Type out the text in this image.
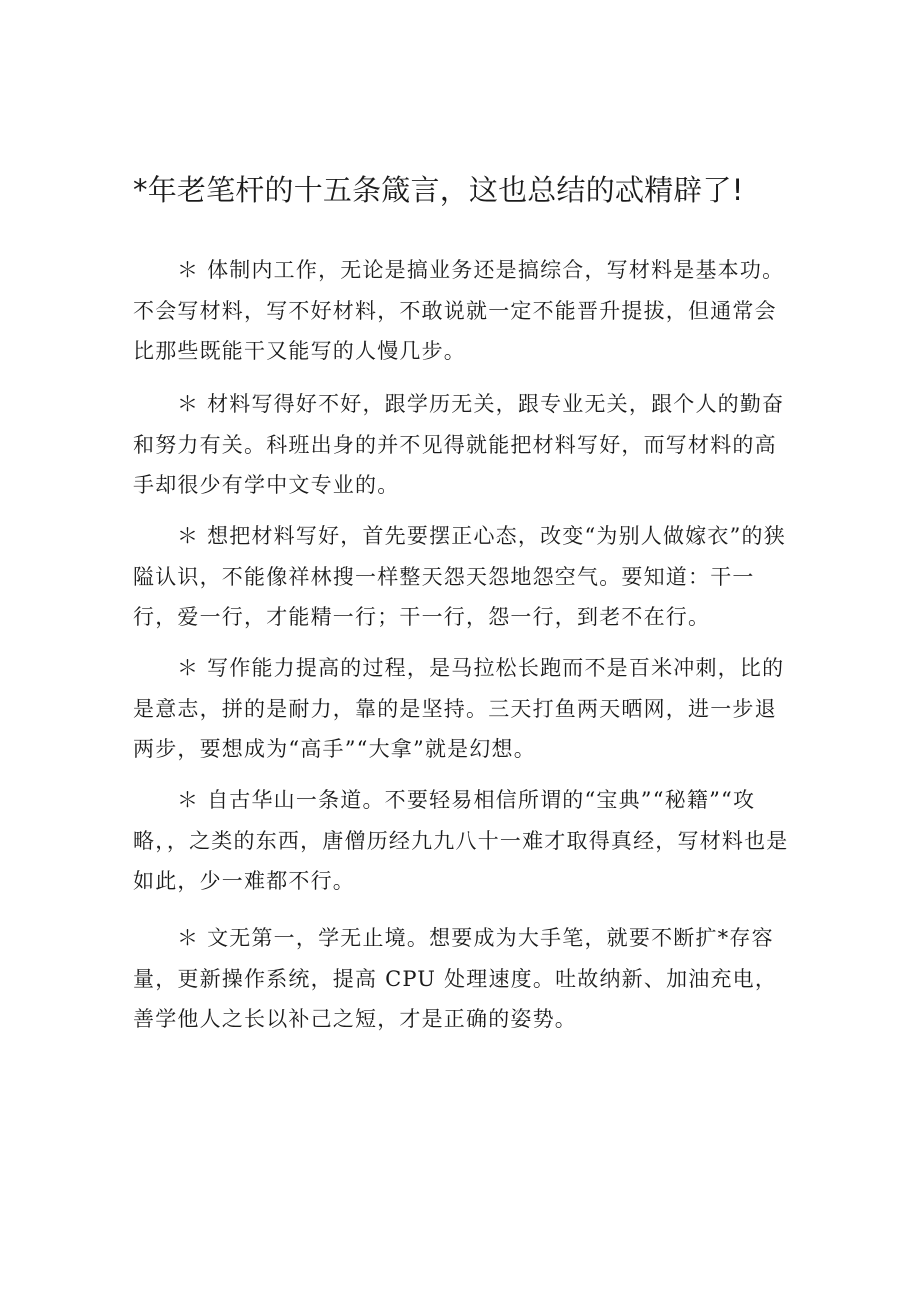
*年老笔杆的十五条箴言，这也总结的忒精辟了!

＊ 体制内工作，无论是搞业务还是搞综合，写材料是基本功。不会写材料，写不好材料，不敢说就一定不能晋升提拔，但通常会比那些既能干又能写的人慢几步。

＊ 材料写得好不好，跟学历无关，跟专业无关，跟个人的勤奋和努力有关。科班出身的并不见得就能把材料写好，而写材料的高手却很少有学中文专业的。

＊ 想把材料写好，首先要摆正心态，改变“为别人做嫁衣”的狭隘认识，不能像祥林搜一样整天怨天怨地怨空气。要知道：干一行，爱一行，才能精一行；干一行，怨一行，到老不在行。

＊ 写作能力提高的过程，是马拉松长跑而不是百米冲刺，比的是意志，拼的是耐力，靠的是坚持。三天打鱼两天晒网，进一步退两步，要想成为“高手”“大拿”就是幻想。

＊ 自古华山一条道。不要轻易相信所谓的“宝典”“秘籍”“攻略，，之类的东西，唐僧历经九九八十一难才取得真经，写材料也是如此，少一难都不行。

＊ 文无第一，学无止境。想要成为大手笔，就要不断扩*存容量，更新操作系统，提高 CPU 处理速度。吐故纳新、加油充电，善学他人之长以补己之短，才是正确的姿势。
